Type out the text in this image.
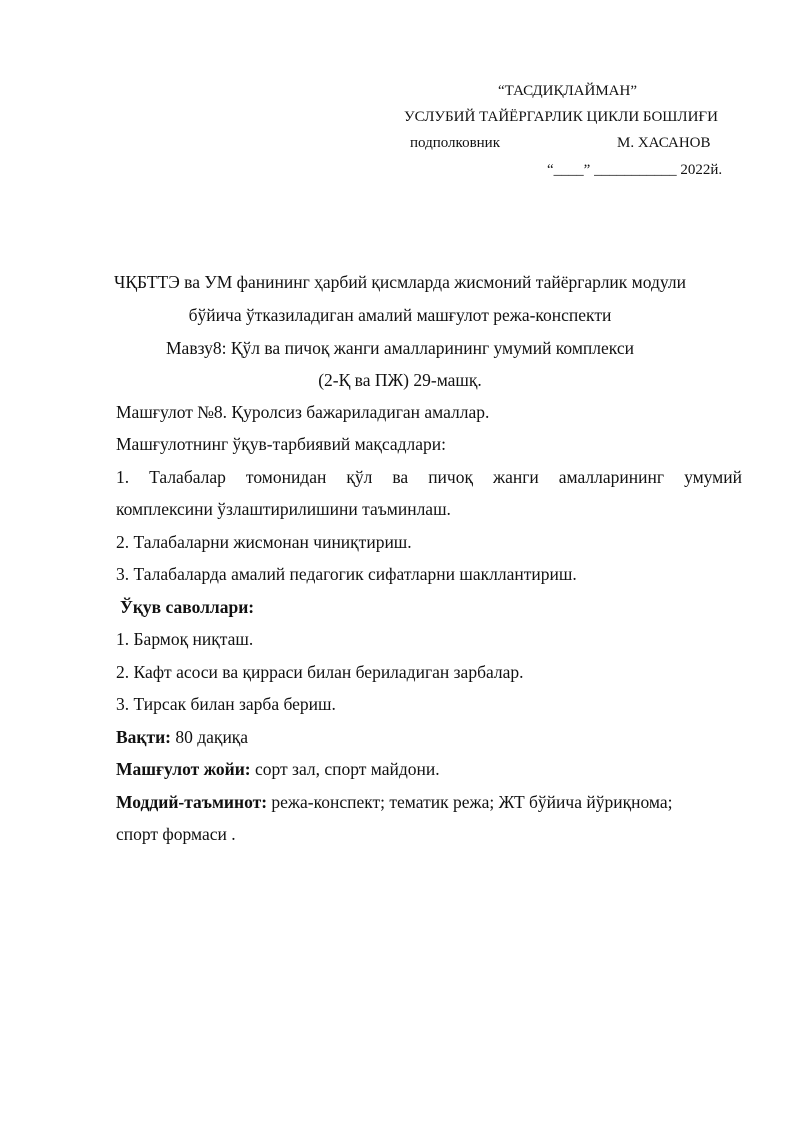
“ТАСДИҚЛАЙМАН”
УСЛУБИЙ ТАЙЁРГАРЛИК ЦИКЛИ БОШЛИҒИ
подполковник	М. ХАСАНОВ
“____” ___________ 2022й.
ЧҚБТТЭ ва УМ фанининг ҳарбий қисмларда жисмоний тайёргарлик модули
бўйича ўтказиладиган амалий машғулот режа-конспекти
Мавзу8: Қўл ва пичоқ жанги амалларининг умумий комплекси
(2-Қ ва ПЖ) 29-машқ.
Машғулот №8. Қуролсиз бажариладиган амаллар.
Машғулотнинг ўқув-тарбиявий мақсадлари:
1. Талабалар томонидан қўл ва пичоқ жанги амалларининг умумий
комплексини ўзлаштирилишини таъминлаш.
2. Талабаларни жисмонан чиниқтириш.
3. Талабаларда амалий педагогик сифатларни шакллантириш.
Ўқув саволлари:
1. Бармоқ ниқташ.
2. Кафт асоси ва қирраси билан бериладиган зарбалар.
3. Тирсак билан зарба бериш.
Вақти: 80 дақиқа
Машғулот жойи: сорт зал, спорт майдони.
Моддий-таъминот: режа-конспект; тематик режа; ЖТ бўйича йўриқнома;
спорт формаси .
